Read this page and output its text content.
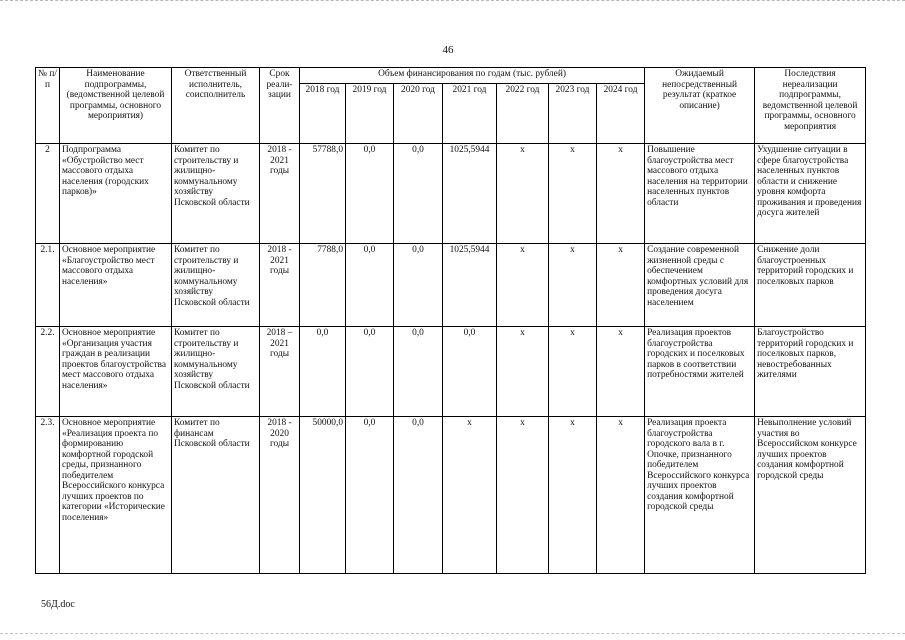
46
№ п/п	Наименование подпрограммы, (ведомственной целевой программы, основного мероприятия)	Ответственный исполнитель, соисполнитель	Срок реали-зации	Объем финансирования по годам (тыс. рублей)							Ожидаемый непосредственный результат (краткое описание)	Последствия нереализации подпрограммы, ведомственной целевой программы, основного мероприятия
				2018 год	2019 год	2020 год	2021 год	2022 год	2023 год	2024 год		
2	Подпрограмма «Обустройство мест массового отдыха населения (городских парков)»	Комитет по строительству и жилищно-коммунальному хозяйству Псковской области	2018 - 2021 годы	57788,0	0,0	0,0	1025,5944	x	x	x	Повышение благоустройства мест массового отдыха населения на территории населенных пунктов области	Ухудшение ситуации в сфере благоустройства населенных пунктов области и снижение уровня комфорта проживания и проведения досуга жителей
2.1.	Основное мероприятие «Благоустройство мест массового отдыха населения»	Комитет по строительству и жилищно-коммунальному хозяйству Псковской области	2018 - 2021 годы	7788,0	0,0	0,0	1025,5944	x	x	x	Создание современной жизненной среды с обеспечением комфортных условий для проведения досуга населением	Снижение доли благоустроенных территорий городских и поселковых парков
2.2.	Основное мероприятие «Организация участия граждан в реализации проектов благоустройства мест массового отдыха населения»	Комитет по строительству и жилищно-коммунальному хозяйству Псковской области	2018 – 2021 годы	0,0	0,0	0,0	0,0	x	x	x	Реализация проектов благоустройства городских и поселковых парков в соответствии потребностями жителей	Благоустройство территорий городских и поселковых парков, невостребованных жителями
2.3.	Основное мероприятие «Реализация проекта по формированию комфортной городской среды, признанного победителем Всероссийского конкурса лучших проектов по категории «Исторические поселения»	Комитет по финансам Псковской области	2018 - 2020 годы	50000,0	0,0	0,0	x	x	x	x	Реализация проекта благоустройства городского вала в г. Опочке, признанного победителем Всероссийского конкурса лучших проектов создания комфортной городской среды	Невыполнение условий участия во Всероссийском конкурсе лучших проектов создания комфортной городской среды
56Д.doc
